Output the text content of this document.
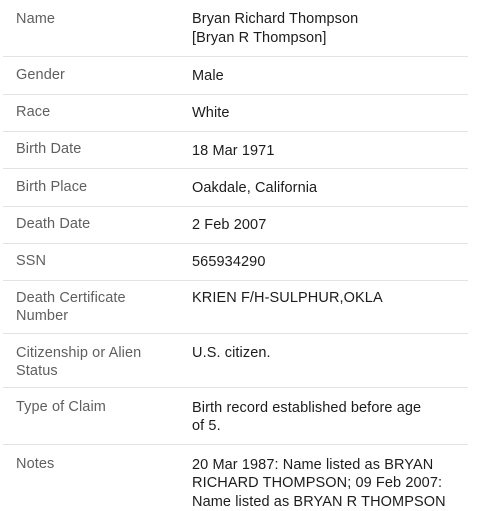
Name	Bryan Richard Thompson
[Bryan R Thompson]

Gender	Male
Race	White
Birth Date	18 Mar 1971
Birth Place	Oakdale, California
Death Date	2 Feb 2007
SSN	565934290

Death Certificate
Number	KRIEN F/H-SULPHUR,OKLA

Citizenship or Alien
Status	U.S. citizen.
Type of Claim	Birth record established before age
of 5.

Notes	20 Mar 1987: Name listed as BRYAN
RICHARD THOMPSON; 09 Feb 2007:
Name listed as BRYAN R THOMPSON
